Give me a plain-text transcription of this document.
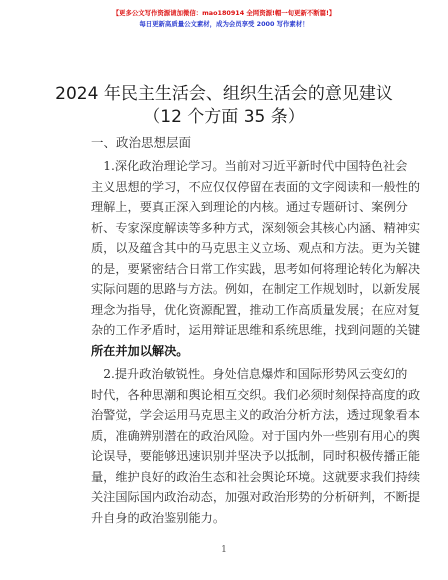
【更多公文写作资源请加微信：mao180914 全网资源!帽一旬更新不断篇!】
每日更新高质量公文素材，成为会员享受 2000 写作素材！
2024 年民主生活会、组织生活会的意见建议
（12 个方面 35 条）
一、政治思想层面
1.深化政治理论学习。当前对习近平新时代中国特色社会
主义思想的学习，不应仅仅停留在表面的文字阅读和一般性的
理解上，要真正深入到理论的内核。通过专题研讨、案例分
析、专家深度解读等多种方式，深刻领会其核心内涵、精神实
质，以及蕴含其中的马克思主义立场、观点和方法。更为关键
的是，要紧密结合日常工作实践，思考如何将理论转化为解决
实际问题的思路与方法。例如，在制定工作规划时，以新发展
理念为指导，优化资源配置，推动工作高质量发展；在应对复
杂的工作矛盾时，运用辩证思维和系统思维，找到问题的关键
所在并加以解决。
2.提升政治敏锐性。身处信息爆炸和国际形势风云变幻的
时代，各种思潮和舆论相互交织。我们必须时刻保持高度的政
治警觉，学会运用马克思主义的政治分析方法，透过现象看本
质，准确辨别潜在的政治风险。对于国内外一些别有用心的舆
论误导，要能够迅速识别并坚决予以抵制，同时积极传播正能
量，维护良好的政治生态和社会舆论环境。这就要求我们持续
关注国际国内政治动态，加强对政治形势的分析研判，不断提
升自身的政治鉴别能力。
1
